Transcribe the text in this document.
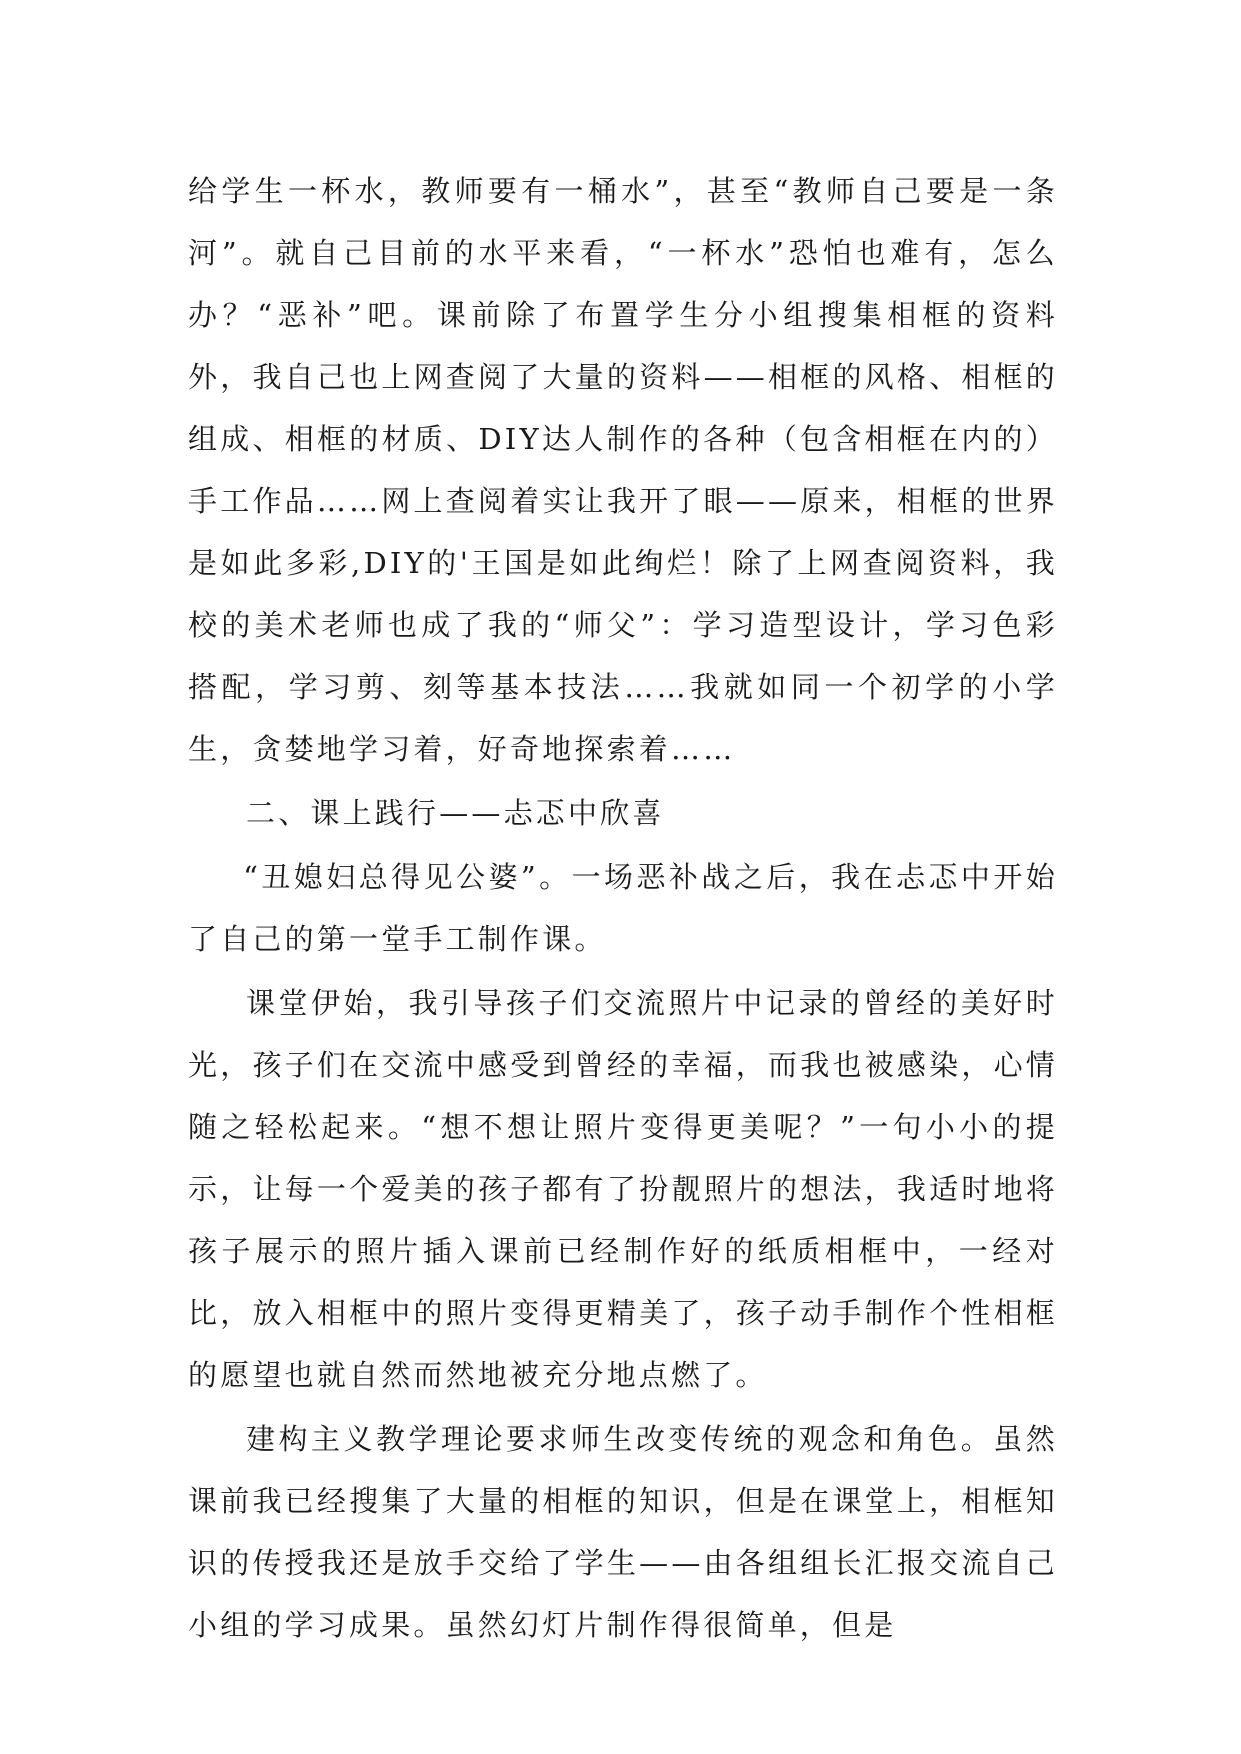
给学生一杯水，教师要有一桶水”，甚至“教师自己要是一条河”。就自己目前的水平来看，“一杯水”恐怕也难有，怎么办？“恶补”吧。课前除了布置学生分小组搜集相框的资料外，我自己也上网查阅了大量的资料——相框的风格、相框的组成、相框的材质、DIY达人制作的各种（包含相框在内的）手工作品……网上查阅着实让我开了眼——原来，相框的世界是如此多彩,DIY的'王国是如此绚烂！除了上网查阅资料，我校的美术老师也成了我的“师父”：学习造型设计，学习色彩搭配，学习剪、刻等基本技法……我就如同一个初学的小学生，贪婪地学习着，好奇地探索着……

二、课上践行——忐忑中欣喜

“丑媳妇总得见公婆”。一场恶补战之后，我在忐忑中开始了自己的第一堂手工制作课。

课堂伊始，我引导孩子们交流照片中记录的曾经的美好时光，孩子们在交流中感受到曾经的幸福，而我也被感染，心情随之轻松起来。“想不想让照片变得更美呢？”一句小小的提示，让每一个爱美的孩子都有了扮靓照片的想法，我适时地将孩子展示的照片插入课前已经制作好的纸质相框中，一经对比，放入相框中的照片变得更精美了，孩子动手制作个性相框的愿望也就自然而然地被充分地点燃了。

建构主义教学理论要求师生改变传统的观念和角色。虽然课前我已经搜集了大量的相框的知识，但是在课堂上，相框知识的传授我还是放手交给了学生——由各组组长汇报交流自己小组的学习成果。虽然幻灯片制作得很简单，但是
